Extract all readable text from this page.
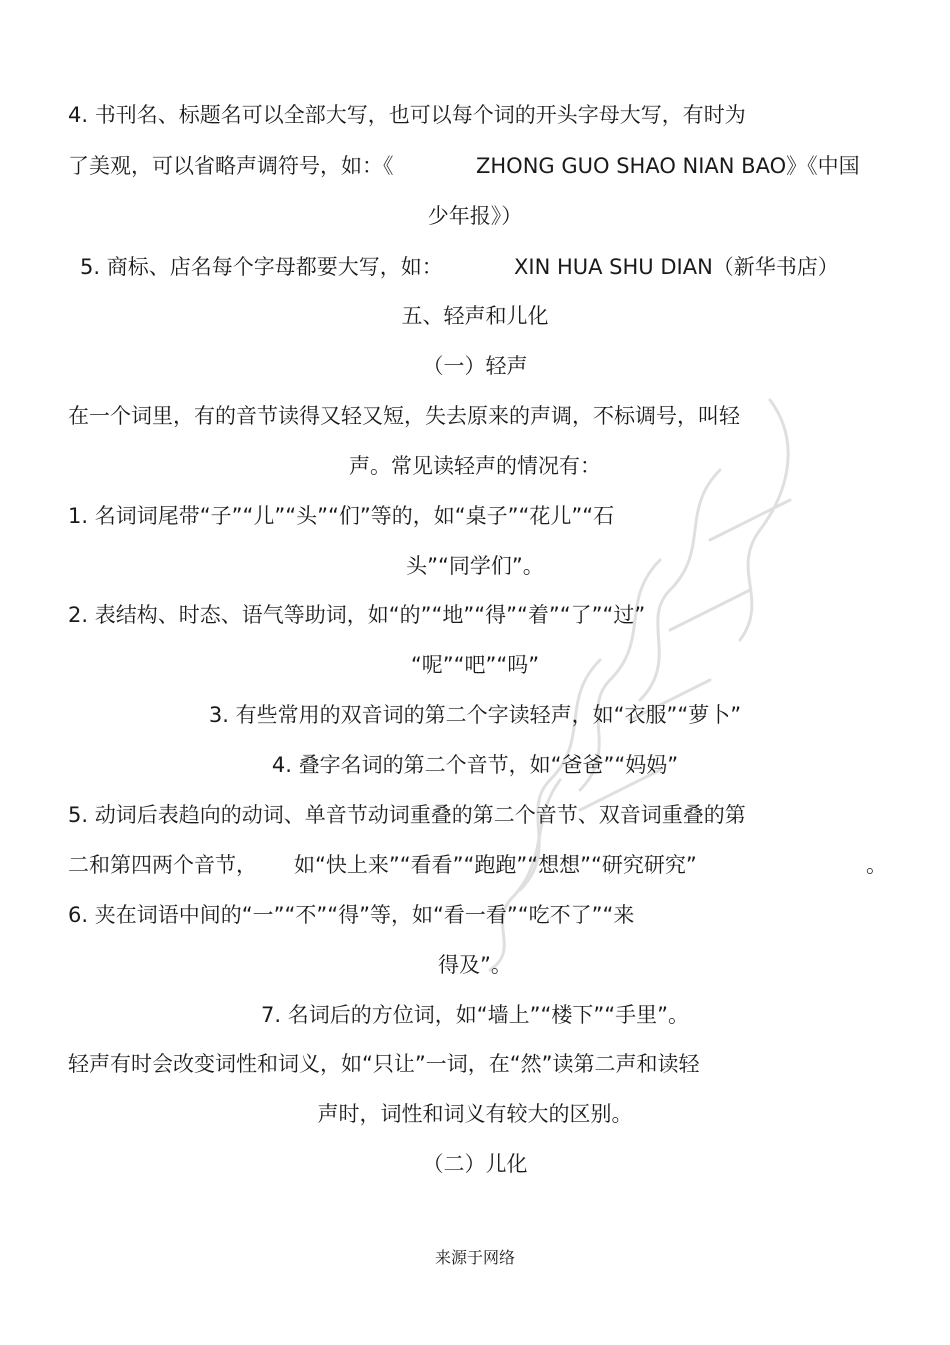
4. 书刊名、标题名可以全部大写，也可以每个词的开头字母大写，有时为
了美观，可以省略声调符号，如：《	ZHONG GUO SHAO NIAN BAO》《中国
少年报》）
5. 商标、店名每个字母都要大写，如：	XIN HUA SHU DIAN（新华书店）
五、轻声和儿化
（一）轻声
在一个词里，有的音节读得又轻又短，失去原来的声调，不标调号，叫轻
声。常见读轻声的情况有：
1. 名词词尾带“子”“儿”“头”“们”等的，如“桌子”“花儿”“石
头”“同学们”。
2. 表结构、时态、语气等助词，如“的”“地”“得”“着”“了”“过”
“呢”“吧”“吗”
3. 有些常用的双音词的第二个字读轻声，如“衣服”“萝卜”
4. 叠字名词的第二个音节，如“爸爸”“妈妈”
5. 动词后表趋向的动词、单音节动词重叠的第二个音节、双音词重叠的第
二和第四两个音节， 如“快上来”“看看”“跑跑”“想想”“研究研究”	。
6. 夹在词语中间的“一”“不”“得”等，如“看一看”“吃不了”“来
得及”。
7. 名词后的方位词，如“墙上”“楼下”“手里”。
轻声有时会改变词性和词义，如“只让”一词，在“然”读第二声和读轻
声时，词性和词义有较大的区别。
（二）儿化
来源于网络
